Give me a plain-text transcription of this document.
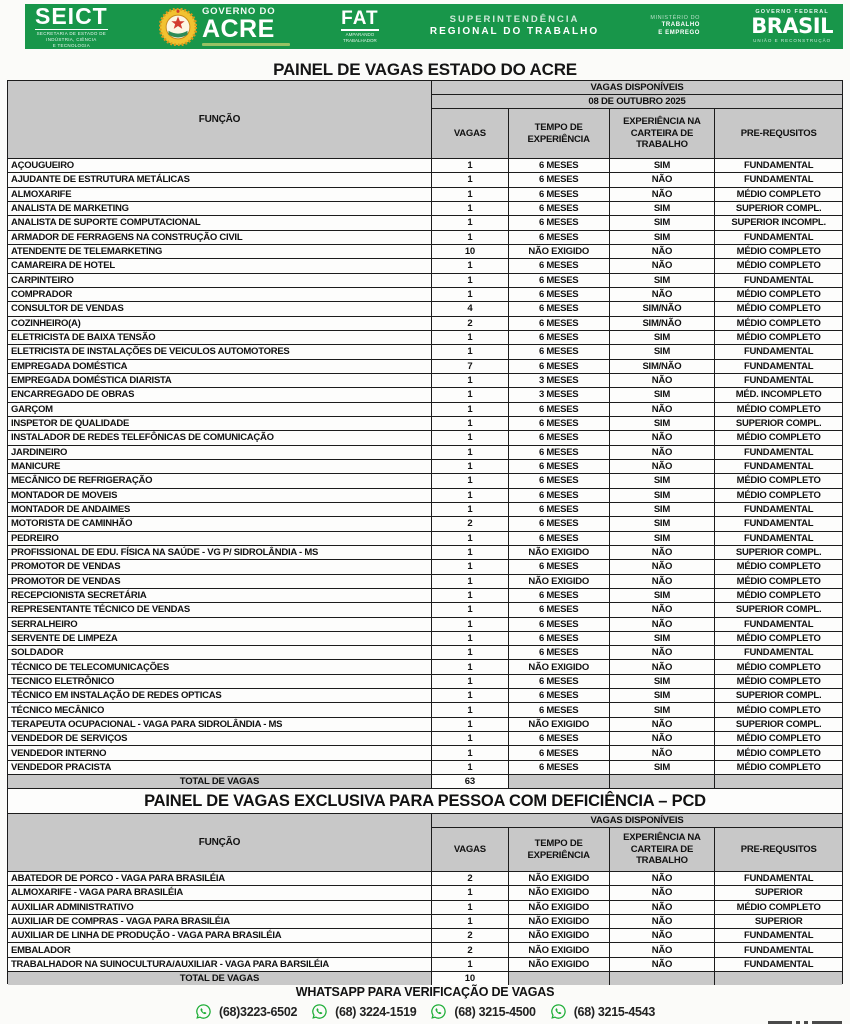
SEICT
SECRETARIA DE ESTADO DE
INDÚSTRIA, CIÊNCIA
E TECNOLOGIA
GOVERNO DO
ACRE	FAT
AMPARANDO
TRABALHADOR
SUPERINTENDÊNCIA
REGIONAL DO TRABALHO
MINISTÉRIO DO
TRABALHO
E EMPREGO
GOVERNO FEDERAL
BRASIL
UNIÃO E RECONSTRUÇÃO
PAINEL DE VAGAS ESTADO DO ACRE
FUNÇÃO
VAGAS DISPONÍVEIS
08 DE OUTUBRO 2025
VAGAS
TEMPO DE EXPERIÊNCIA
EXPERIÊNCIA NA CARTEIRA DE TRABALHO
PRE-REQUSITOS
AÇOUGUEIRO	1	6 MESES	SIM	FUNDAMENTAL
AJUDANTE DE ESTRUTURA METÁLICAS	1	6 MESES	NÃO	FUNDAMENTAL
ALMOXARIFE	1	6 MESES	NÃO	MÉDIO COMPLETO
ANALISTA DE MARKETING	1	6 MESES	SIM	SUPERIOR COMPL.
ANALISTA DE SUPORTE COMPUTACIONAL	1	6 MESES	SIM	SUPERIOR INCOMPL.
ARMADOR DE FERRAGENS NA CONSTRUÇÃO CIVIL	1	6 MESES	SIM	FUNDAMENTAL
ATENDENTE DE TELEMARKETING	10	NÃO EXIGIDO	NÃO	MÉDIO COMPLETO
CAMAREIRA DE HOTEL	1	6 MESES	NÃO	MÉDIO COMPLETO
CARPINTEIRO	1	6 MESES	SIM	FUNDAMENTAL
COMPRADOR	1	6 MESES	NÃO	MÉDIO COMPLETO
CONSULTOR DE VENDAS	4	6 MESES	SIM/NÃO	MÉDIO COMPLETO
COZINHEIRO(A)	2	6 MESES	SIM/NÃO	MÉDIO COMPLETO
ELETRICISTA DE BAIXA TENSÃO	1	6 MESES	SIM	MÉDIO COMPLETO
ELETRICISTA DE INSTALAÇÕES DE VEICULOS AUTOMOTORES	1	6 MESES	SIM	FUNDAMENTAL
EMPREGADA DOMÉSTICA	7	6 MESES	SIM/NÃO	FUNDAMENTAL
EMPREGADA DOMÉSTICA DIARISTA	1	3 MESES	NÃO	FUNDAMENTAL
ENCARREGADO DE OBRAS	1	3 MESES	SIM	MÉD. INCOMPLETO
GARÇOM	1	6 MESES	NÃO	MÉDIO COMPLETO
INSPETOR DE QUALIDADE	1	6 MESES	SIM	SUPERIOR COMPL.
INSTALADOR DE REDES TELEFÔNICAS DE COMUNICAÇÃO	1	6 MESES	NÃO	MÉDIO COMPLETO
JARDINEIRO	1	6 MESES	NÃO	FUNDAMENTAL
MANICURE	1	6 MESES	NÃO	FUNDAMENTAL
MECÂNICO DE REFRIGERAÇÃO	1	6 MESES	SIM	MÉDIO COMPLETO
MONTADOR DE MOVEIS	1	6 MESES	SIM	MÉDIO COMPLETO
MONTADOR DE ANDAIMES	1	6 MESES	SIM	FUNDAMENTAL
MOTORISTA DE CAMINHÃO	2	6 MESES	SIM	FUNDAMENTAL
PEDREIRO	1	6 MESES	SIM	FUNDAMENTAL
PROFISSIONAL DE EDU. FÍSICA NA SAÚDE - VG P/ SIDROLÂNDIA - MS	1	NÃO EXIGIDO	NÃO	SUPERIOR COMPL.
PROMOTOR DE VENDAS	1	6 MESES	NÃO	MÉDIO COMPLETO
PROMOTOR DE VENDAS	1	NÃO EXIGIDO	NÃO	MÉDIO COMPLETO
RECEPCIONISTA SECRETÁRIA	1	6 MESES	SIM	MÉDIO COMPLETO
REPRESENTANTE TÉCNICO DE VENDAS	1	6 MESES	NÃO	SUPERIOR COMPL.
SERRALHEIRO	1	6 MESES	NÃO	FUNDAMENTAL
SERVENTE DE LIMPEZA	1	6 MESES	SIM	MÉDIO COMPLETO
SOLDADOR	1	6 MESES	NÃO	FUNDAMENTAL
TÉCNICO DE TELECOMUNICAÇÕES	1	NÃO EXIGIDO	NÃO	MÉDIO COMPLETO
TECNICO ELETRÔNICO	1	6 MESES	SIM	MÉDIO COMPLETO
TÉCNICO EM INSTALAÇÃO DE REDES OPTICAS	1	6 MESES	SIM	SUPERIOR COMPL.
TÉCNICO MECÂNICO	1	6 MESES	SIM	MÉDIO COMPLETO
TERAPEUTA OCUPACIONAL - VAGA PARA SIDROLÂNDIA - MS	1	NÃO EXIGIDO	NÃO	SUPERIOR COMPL.
VENDEDOR DE SERVIÇOS	1	6 MESES	NÃO	MÉDIO COMPLETO
VENDEDOR INTERNO	1	6 MESES	NÃO	MÉDIO COMPLETO
VENDEDOR PRACISTA	1	6 MESES	SIM	MÉDIO COMPLETO
TOTAL DE VAGAS	63
PAINEL DE VAGAS EXCLUSIVA PARA PESSOA COM DEFICIÊNCIA – PCD
FUNÇÃO
VAGAS DISPONÍVEIS
VAGAS
TEMPO DE EXPERIÊNCIA
EXPERIÊNCIA NA CARTEIRA DE TRABALHO
PRE-REQUSITOS
ABATEDOR DE PORCO - VAGA PARA BRASILÉIA	2	NÃO EXIGIDO	NÃO	FUNDAMENTAL
ALMOXARIFE - VAGA PARA BRASILÉIA	1	NÃO EXIGIDO	NÃO	SUPERIOR
AUXILIAR ADMINISTRATIVO	1	NÃO EXIGIDO	NÃO	MÉDIO COMPLETO
AUXILIAR DE COMPRAS - VAGA PARA BRASILÉIA	1	NÃO EXIGIDO	NÃO	SUPERIOR
AUXILIAR DE LINHA DE PRODUÇÃO - VAGA PARA BRASILÉIA	2	NÃO EXIGIDO	NÃO	FUNDAMENTAL
EMBALADOR	2	NÃO EXIGIDO	NÃO	FUNDAMENTAL
TRABALHADOR NA SUINOCULTURA/AUXILIAR - VAGA PARA BARSILÉIA	1	NÃO EXIGIDO	NÃO	FUNDAMENTAL
TOTAL DE VAGAS	10
WHATSAPP PARA VERIFICAÇÃO DE VAGAS
(68)3223-6502	(68) 3224-1519	(68) 3215-4500	(68) 3215-4543
